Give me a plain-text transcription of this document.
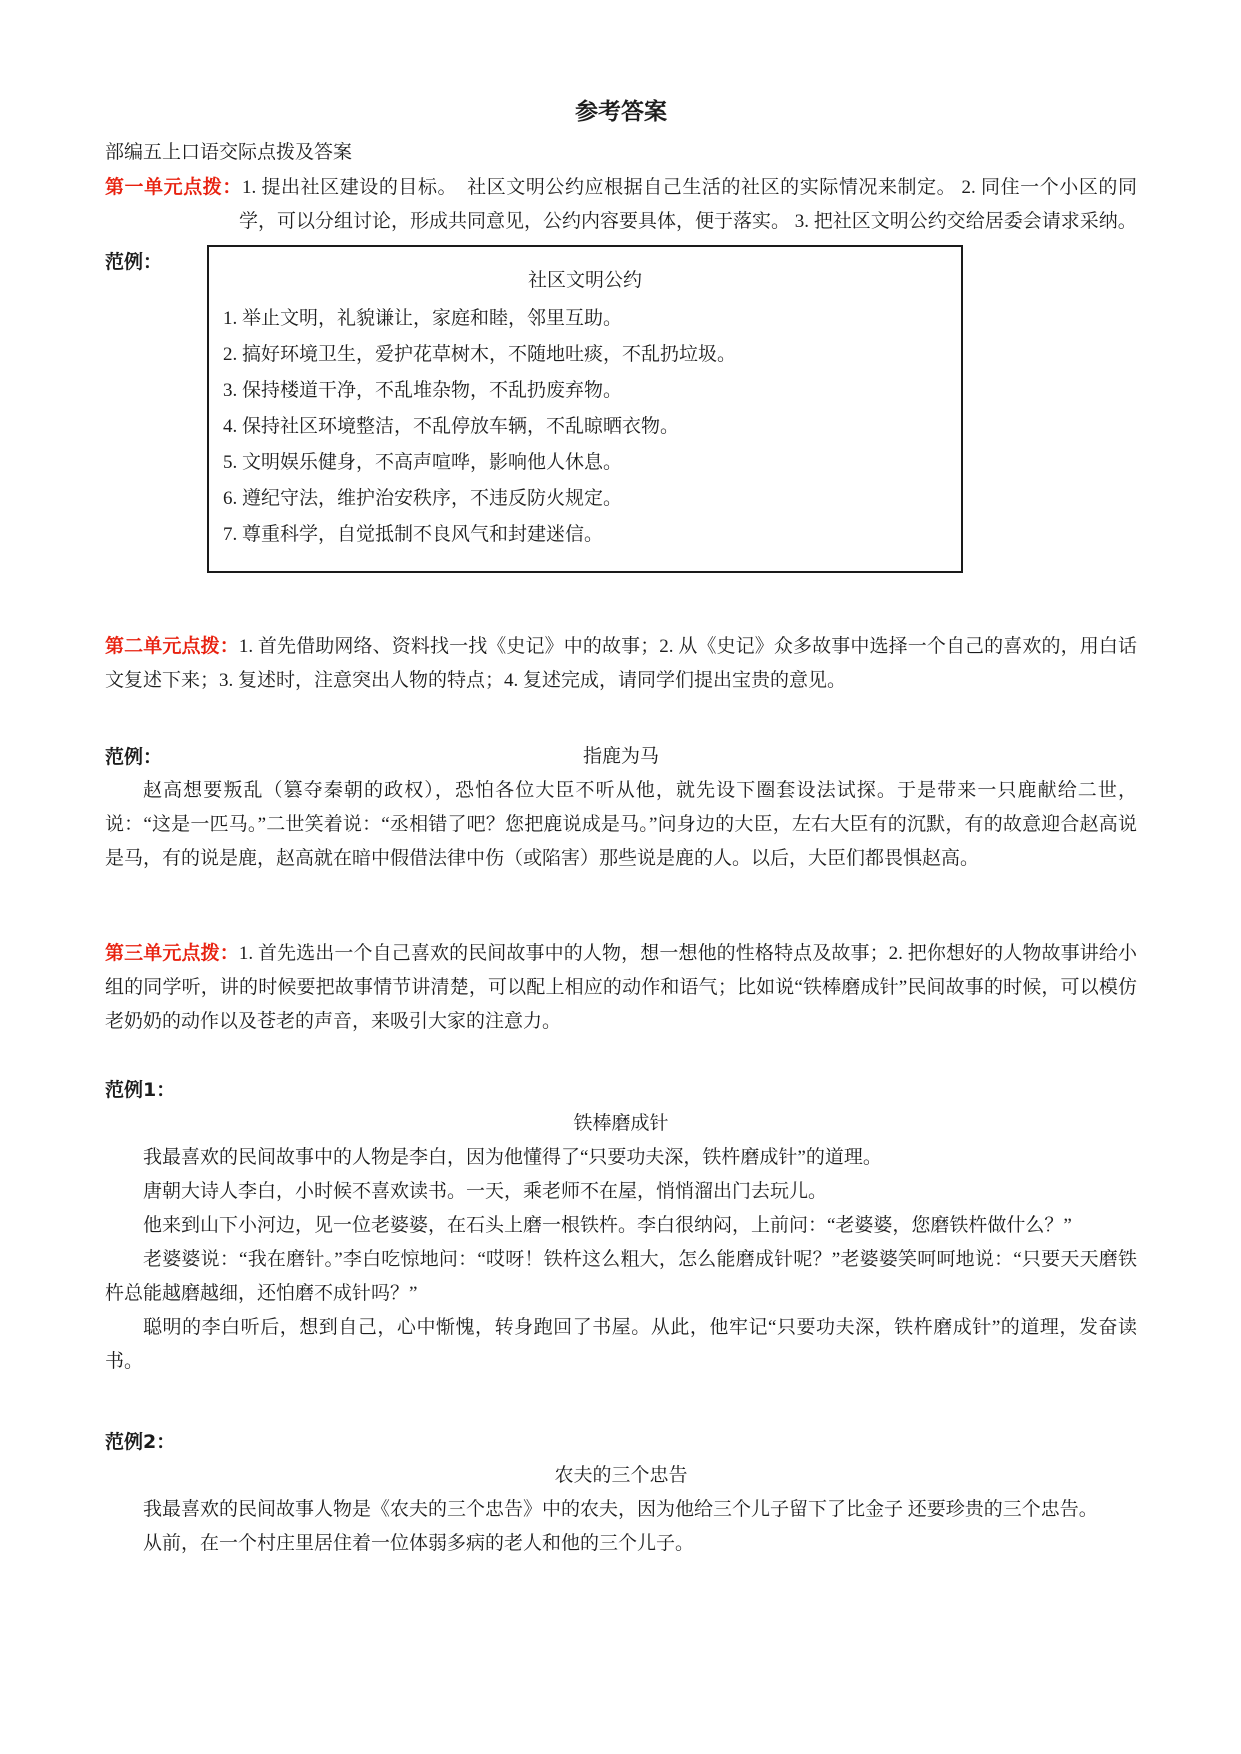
参考答案

部编五上口语交际点拨及答案

第一单元点拨：1. 提出社区建设的目标。　社区文明公约应根据自己生活的社区的实际情况来制定。 2. 同住一个小区的同学，可以分组讨论，形成共同意见，公约内容要具体，便于落实。 3. 把社区文明公约交给居委会请求采纳。

范例：
社区文明公约
1. 举止文明，礼貌谦让，家庭和睦，邻里互助。
2. 搞好环境卫生，爱护花草树木，不随地吐痰，不乱扔垃圾。
3. 保持楼道干净，不乱堆杂物，不乱扔废弃物。
4. 保持社区环境整洁，不乱停放车辆，不乱晾晒衣物。
5. 文明娱乐健身，不高声喧哗，影响他人休息。
6. 遵纪守法，维护治安秩序，不违反防火规定。
7. 尊重科学，自觉抵制不良风气和封建迷信。

第二单元点拨：1. 首先借助网络、资料找一找《史记》中的故事；2. 从《史记》众多故事中选择一个自己的喜欢的，用白话文复述下来；3. 复述时，注意突出人物的特点；4. 复述完成，请同学们提出宝贵的意见。

范例：	指鹿为马

赵高想要叛乱（篡夺秦朝的政权），恐怕各位大臣不听从他，就先设下圈套设法试探。于是带来一只鹿献给二世，说：“这是一匹马。”二世笑着说：“丞相错了吧？您把鹿说成是马。”问身边的大臣，左右大臣有的沉默，有的故意迎合赵高说是马，有的说是鹿，赵高就在暗中假借法律中伤（或陷害）那些说是鹿的人。以后，大臣们都畏惧赵高。

第三单元点拨：1. 首先选出一个自己喜欢的民间故事中的人物，想一想他的性格特点及故事；2. 把你想好的人物故事讲给小组的同学听，讲的时候要把故事情节讲清楚，可以配上相应的动作和语气；比如说“铁棒磨成针”民间故事的时候，可以模仿老奶奶的动作以及苍老的声音，来吸引大家的注意力。

范例1：

铁棒磨成针

我最喜欢的民间故事中的人物是李白，因为他懂得了“只要功夫深，铁杵磨成针”的道理。

唐朝大诗人李白，小时候不喜欢读书。一天，乘老师不在屋，悄悄溜出门去玩儿。

他来到山下小河边，见一位老婆婆，在石头上磨一根铁杵。李白很纳闷，上前问：“老婆婆，您磨铁杵做什么？”

老婆婆说：“我在磨针。”李白吃惊地问：“哎呀！铁杵这么粗大，怎么能磨成针呢？”老婆婆笑呵呵地说：“只要天天磨铁杵总能越磨越细，还怕磨不成针吗？”

聪明的李白听后，想到自己，心中惭愧，转身跑回了书屋。从此，他牢记“只要功夫深，铁杵磨成针”的道理，发奋读书。

范例2：

农夫的三个忠告

我最喜欢的民间故事人物是《农夫的三个忠告》中的农夫，因为他给三个儿子留下了比金子 还要珍贵的三个忠告。

从前，在一个村庄里居住着一位体弱多病的老人和他的三个儿子。
